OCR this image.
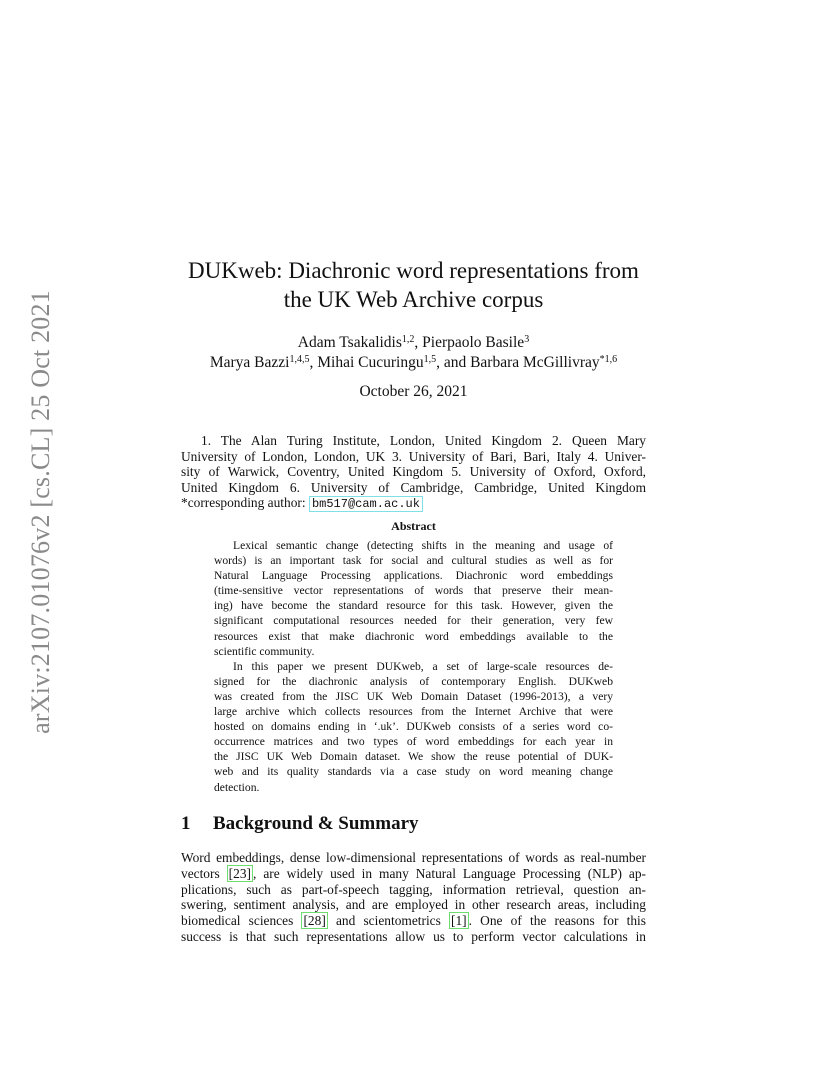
arXiv:2107.01076v2 [cs.CL] 25 Oct 2021
DUKweb: Diachronic word representations from
the UK Web Archive corpus
Adam Tsakalidis$^{1,2}$, Pierpaolo Basile$^3$
Marya Bazzi$^{1,4,5}$, Mihai Cucuringu$^{1,5}$, and Barbara McGillivray$^{*1,6}$
October 26, 2021
1. The Alan Turing Institute, London, United Kingdom 2. Queen Mary
University of London, London, UK 3. University of Bari, Bari, Italy 4. Univer-
sity of Warwick, Coventry, United Kingdom 5. University of Oxford, Oxford,
United Kingdom 6. University of Cambridge, Cambridge, United Kingdom
*corresponding author: bm517@cam.ac.uk
Abstract
Lexical semantic change (detecting shifts in the meaning and usage of
words) is an important task for social and cultural studies as well as for
Natural Language Processing applications. Diachronic word embeddings
(time-sensitive vector representations of words that preserve their mean-
ing) have become the standard resource for this task. However, given the
significant computational resources needed for their generation, very few
resources exist that make diachronic word embeddings available to the
scientific community.
In this paper we present DUKweb, a set of large-scale resources de-
signed for the diachronic analysis of contemporary English. DUKweb
was created from the JISC UK Web Domain Dataset (1996-2013), a very
large archive which collects resources from the Internet Archive that were
hosted on domains ending in ‘.uk’. DUKweb consists of a series word co-
occurrence matrices and two types of word embeddings for each year in
the JISC UK Web Domain dataset. We show the reuse potential of DUK-
web and its quality standards via a case study on word meaning change
detection.
1 Background & Summary
Word embeddings, dense low-dimensional representations of words as real-number
vectors [23] , are widely used in many Natural Language Processing (NLP) ap-
plications, such as part-of-speech tagging, information retrieval, question an-
swering, sentiment analysis, and are employed in other research areas, including
biomedical sciences [28] and scientometrics [1] . One of the reasons for this
success is that such representations allow us to perform vector calculations in
